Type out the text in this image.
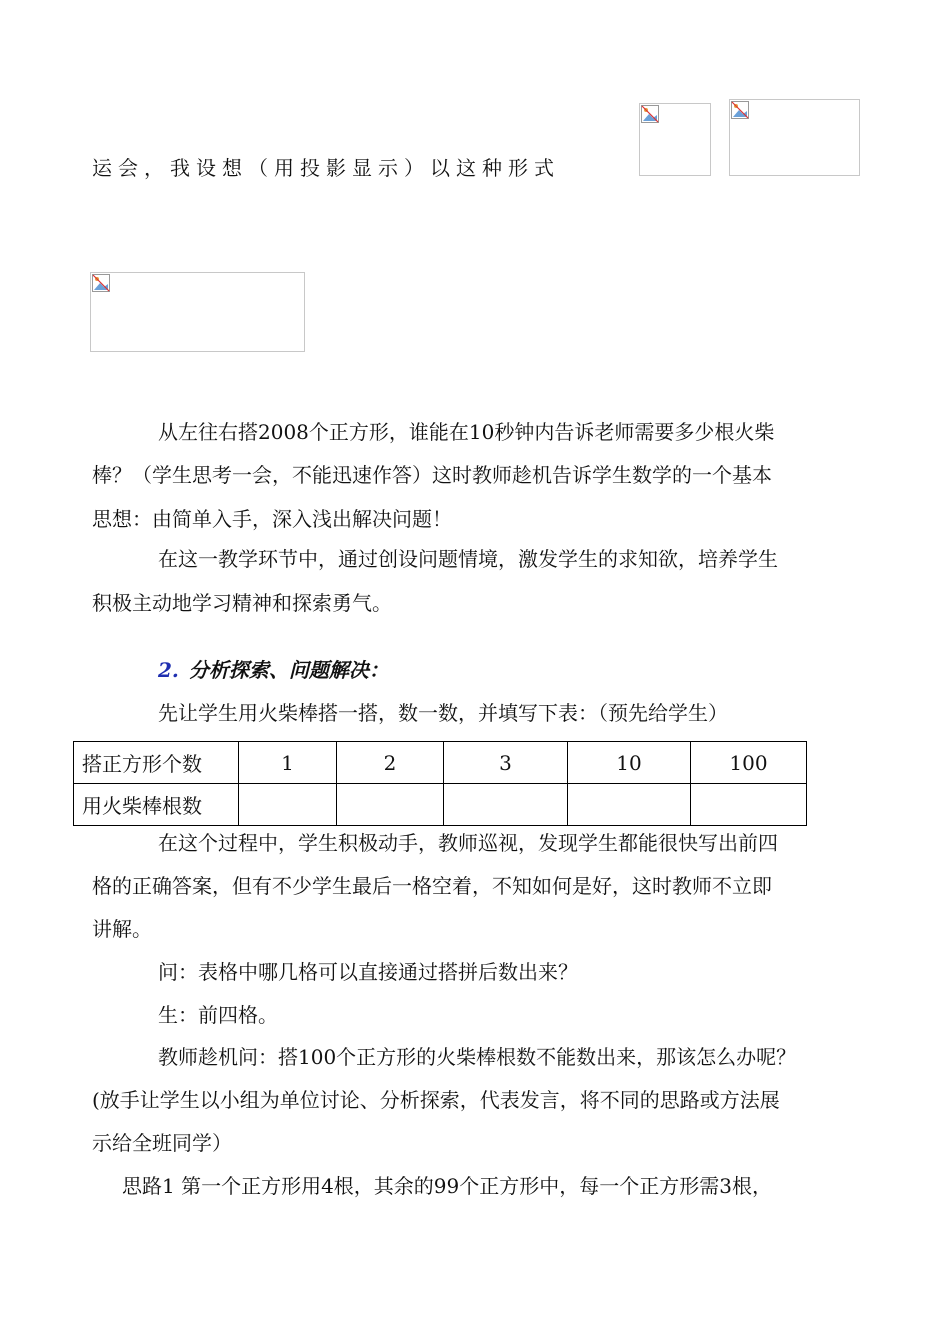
运会，我设想（用投影显示）以这种形式
从左往右搭2008个正方形，谁能在10秒钟内告诉老师需要多少根火柴
棒？（学生思考一会，不能迅速作答）这时教师趁机告诉学生数学的一个基本
思想：由简单入手，深入浅出解决问题！
在这一教学环节中，通过创设问题情境，激发学生的求知欲，培养学生
积极主动地学习精神和探索勇气。
2. 分析探索、问题解决：
先让学生用火柴棒搭一搭，数一数，并填写下表：（预先给学生）
搭正方形个数	1	2	3	10	100
用火柴棒根数					
在这个过程中，学生积极动手，教师巡视，发现学生都能很快写出前四
格的正确答案，但有不少学生最后一格空着，不知如何是好，这时教师不立即
讲解。
问：表格中哪几格可以直接通过搭拼后数出来？
生：前四格。
教师趁机问：搭100个正方形的火柴棒根数不能数出来，那该怎么办呢？
(放手让学生以小组为单位讨论、分析探索，代表发言，将不同的思路或方法展
示给全班同学）
思路1 第一个正方形用4根，其余的99个正方形中，每一个正方形需3根，
